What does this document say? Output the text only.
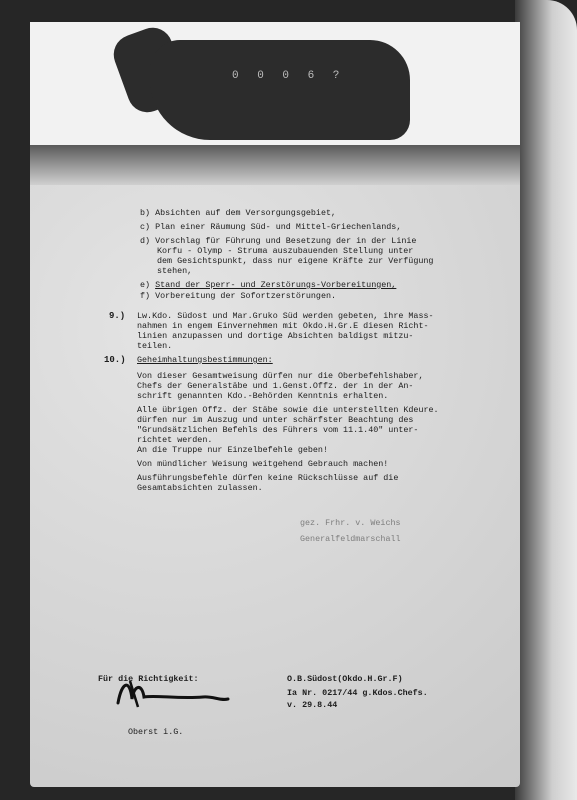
0 0 0 6 ?
b) Absichten auf dem Versorgungsgebiet,
c) Plan einer Räumung Süd- und Mittel-Griechenlands,
d) Vorschlag für Führung und Besetzung der in der Linie
Korfu - Olymp - Struma auszubauenden Stellung unter
dem Gesichtspunkt, dass nur eigene Kräfte zur Verfügung
stehen,
e) Stand der Sperr- und Zerstörungs-Vorbereitungen,
f) Vorbereitung der Sofortzerstörungen.
9.) Lw.Kdo. Südost und Mar.Gruko Süd werden gebeten, ihre Mass-
nahmen in engem Einvernehmen mit Okdo.H.Gr.E diesen Richt-
linien anzupassen und dortige Absichten baldigst mitzu-
teilen.
10.) Geheimhaltungsbestimmungen:
Von dieser Gesamtweisung dürfen nur die Oberbefehlshaber,
Chefs der Generalstäbe und 1.Genst.Offz. der in der An-
schrift genannten Kdo.-Behörden Kenntnis erhalten.
Alle übrigen Offz. der Stäbe sowie die unterstellten Kdeure.
dürfen nur im Auszug und unter schärfster Beachtung des
"Grundsätzlichen Befehls des Führers vom 11.1.40" unter-
richtet werden.
An die Truppe nur Einzelbefehle geben!
Von mündlicher Weisung weitgehend Gebrauch machen!
Ausführungsbefehle dürfen keine Rückschlüsse auf die
Gesamtabsichten zulassen.
gez. Frhr. v. Weichs
Generalfeldmarschall
Für die Richtigkeit:
Oberst i.G.
O.B.Südost(Okdo.H.Gr.F)
Ia Nr. 0217/44 g.Kdos.Chefs.
v. 29.8.44
